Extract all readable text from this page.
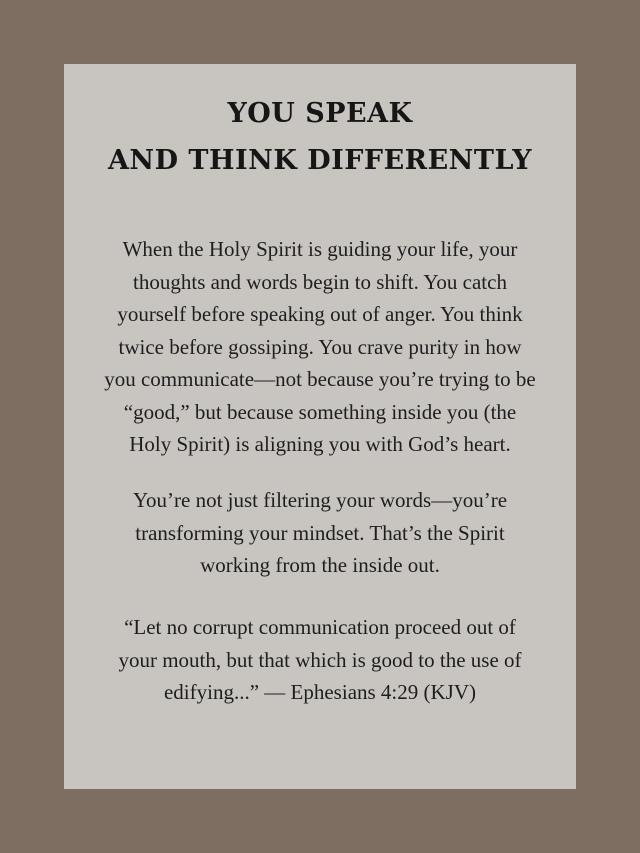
YOU SPEAK
AND THINK DIFFERENTLY

When the Holy Spirit is guiding your life, your
thoughts and words begin to shift. You catch
yourself before speaking out of anger. You think
twice before gossiping. You crave purity in how
you communicate—not because you’re trying to be
“good,” but because something inside you (the
Holy Spirit) is aligning you with God’s heart.

You’re not just filtering your words—you’re
transforming your mindset. That’s the Spirit
working from the inside out.

“Let no corrupt communication proceed out of
your mouth, but that which is good to the use of
edifying...” — Ephesians 4:29 (KJV)
